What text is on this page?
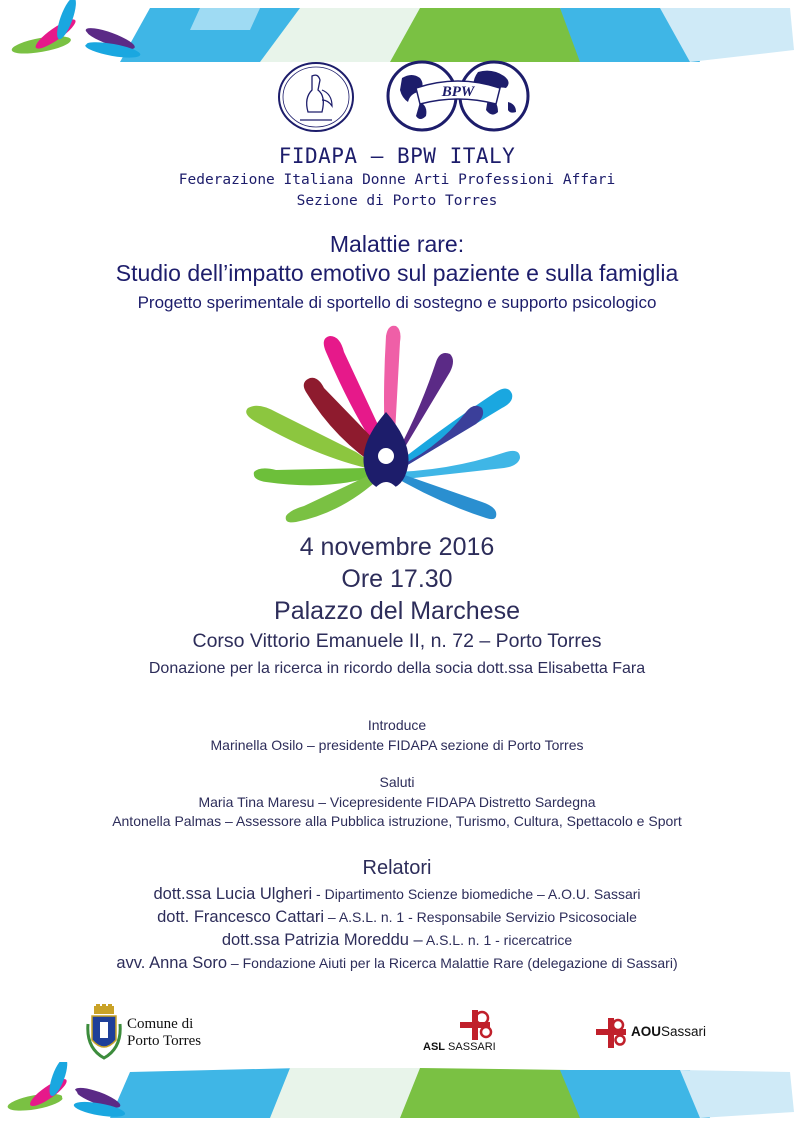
BPW
FIDAPA – BPW ITALY
Federazione Italiana Donne Arti Professioni Affari
Sezione di Porto Torres
Malattie rare:
Studio dell’impatto emotivo sul paziente e sulla famiglia
Progetto sperimentale di sportello di sostegno e supporto psicologico
4 novembre 2016
Ore 17.30
Palazzo del Marchese
Corso Vittorio Emanuele II, n. 72 – Porto Torres
Donazione per la ricerca in ricordo della socia dott.ssa Elisabetta Fara
Introduce
Marinella Osilo – presidente FIDAPA sezione di Porto Torres
Saluti
Maria Tina Maresu – Vicepresidente FIDAPA Distretto Sardegna
Antonella Palmas – Assessore alla Pubblica istruzione, Turismo, Cultura, Spettacolo e Sport
Relatori
dott.ssa Lucia Ulgheri - Dipartimento Scienze biomediche – A.O.U. Sassari
dott. Francesco Cattari – A.S.L. n. 1 - Responsabile Servizio Psicosociale
dott.ssa Patrizia Moreddu – A.S.L. n. 1 - ricercatrice
avv. Anna Soro – Fondazione Aiuti per la Ricerca Malattie Rare (delegazione di Sassari)
Comune di
Porto Torres	ASL SASSARI
AOUSassari
